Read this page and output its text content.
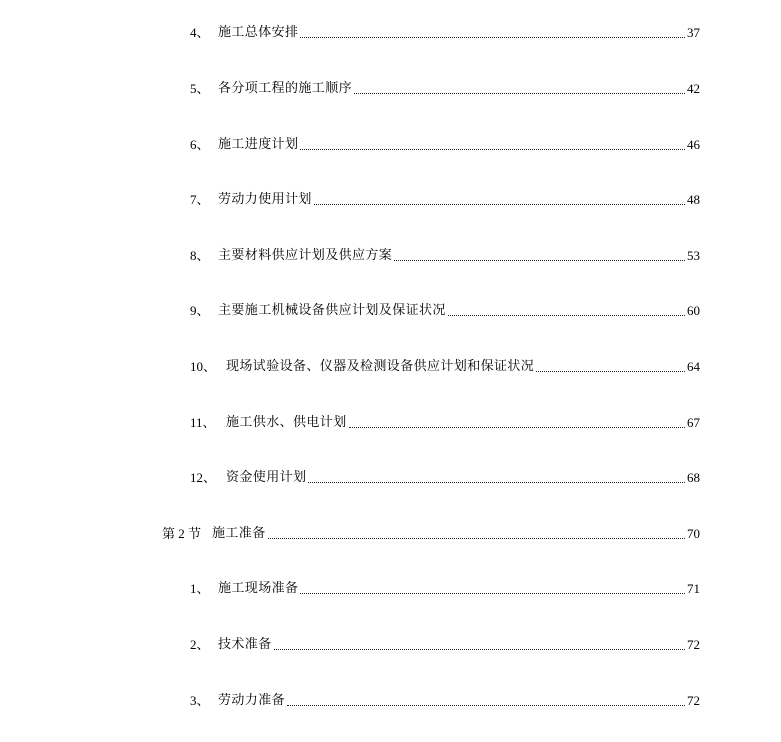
4、 施工总体安排	37
5、 各分项工程的施工顺序	42
6、 施工进度计划	46
7、 劳动力使用计划	48
8、 主要材料供应计划及供应方案	53
9、 主要施工机械设备供应计划及保证状况	60
10、 现场试验设备、仪器及检测设备供应计划和保证状况	64
11、 施工供水、供电计划	67
12、 资金使用计划	68
第 2 节 施工准备	70
1、 施工现场准备	71
2、 技术准备	72
3、 劳动力准备	72
